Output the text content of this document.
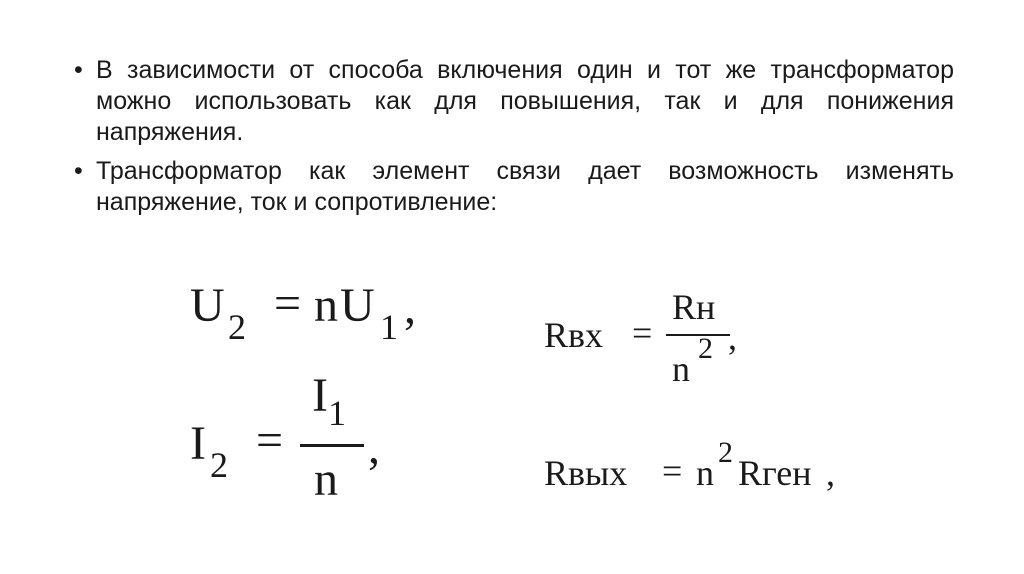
• В зависимости от способа включения один и тот же трансформатор можно использовать как для повышения, так и для понижения напряжения.
• Трансформатор как элемент связи дает возможность изменять напряжение, ток и сопротивление:
U 2 = n U 1 ,
I 2 =
I 1
n
,
Rвх =
Rн
n
2 ,
Rвых = n
2
Rген ,
